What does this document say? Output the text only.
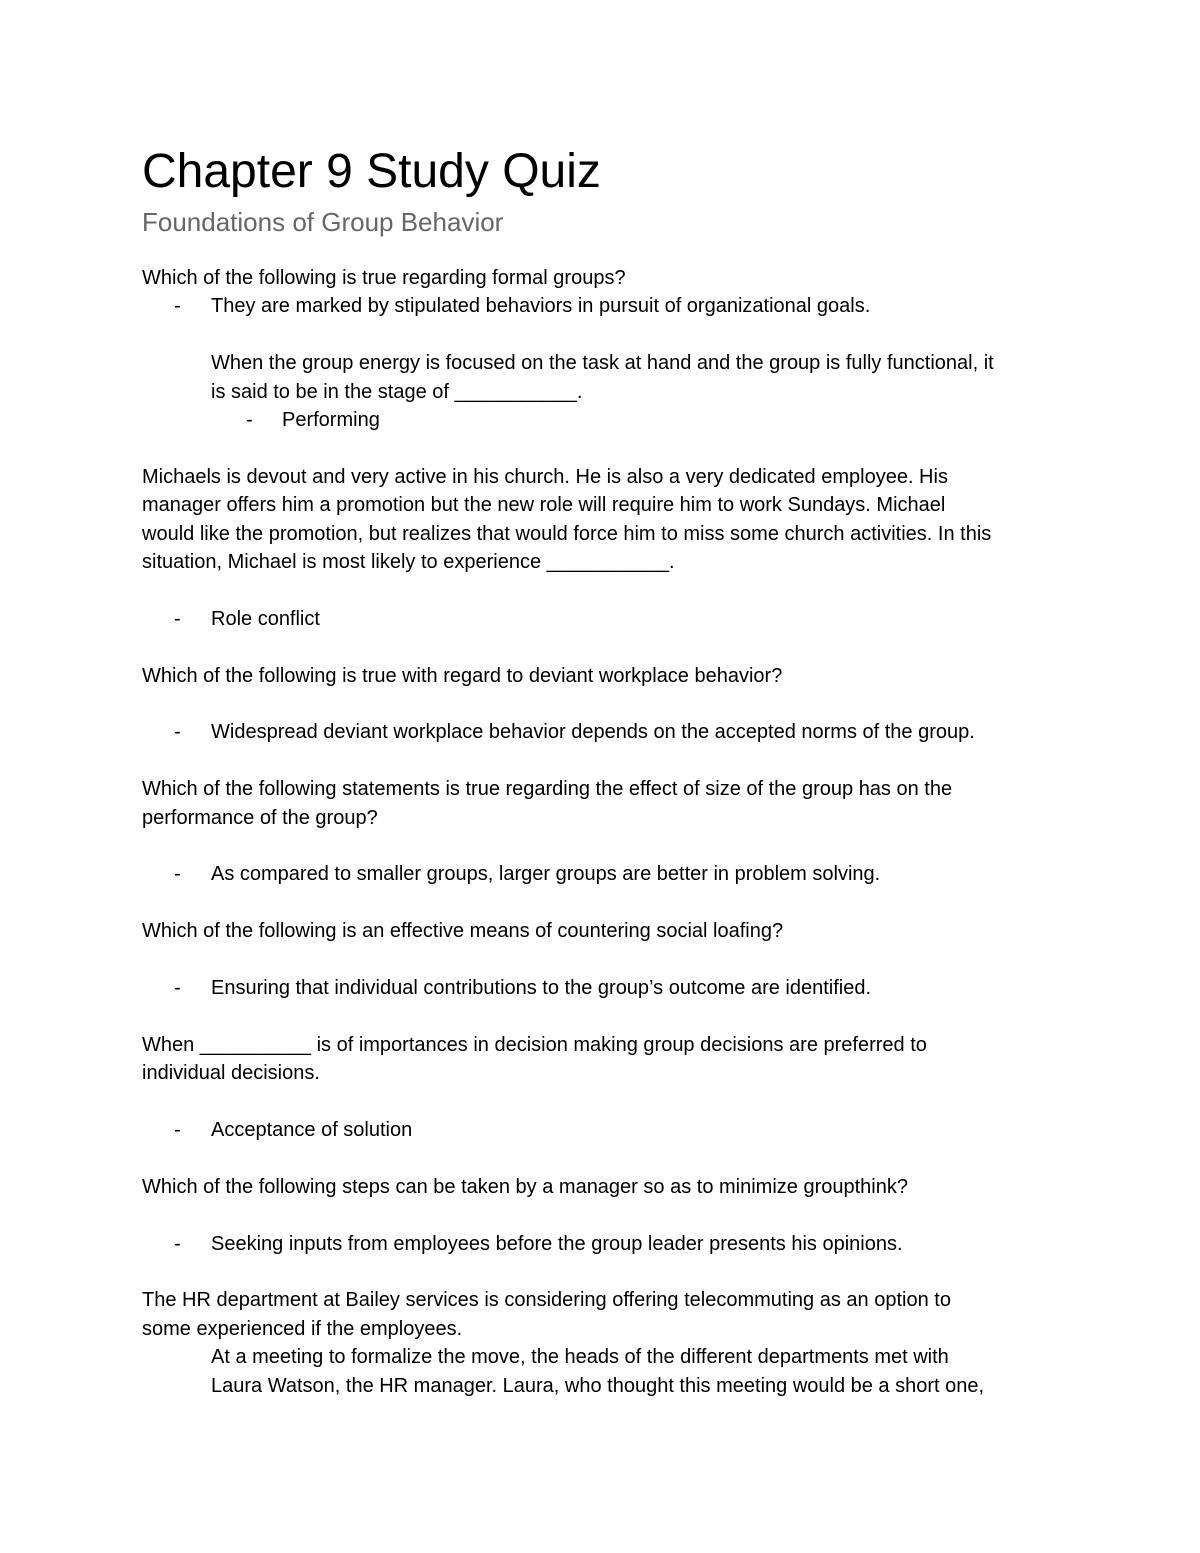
Chapter 9 Study Quiz
Foundations of Group Behavior

Which of the following is true regarding formal groups?

- They are marked by stipulated behaviors in pursuit of organizational goals.

When the group energy is focused on the task at hand and the group is fully functional, it

is said to be in the stage of ___________.

- Performing

Michaels is devout and very active in his church. He is also a very dedicated employee. His

manager offers him a promotion but the new role will require him to work Sundays. Michael

would like the promotion, but realizes that would force him to miss some church activities. In this

situation, Michael is most likely to experience ___________.

- Role conflict

Which of the following is true with regard to deviant workplace behavior?

- Widespread deviant workplace behavior depends on the accepted norms of the group.

Which of the following statements is true regarding the effect of size of the group has on the

performance of the group?

- As compared to smaller groups, larger groups are better in problem solving.

Which of the following is an effective means of countering social loafing?

- Ensuring that individual contributions to the group’s outcome are identified.

When __________ is of importances in decision making group decisions are preferred to

individual decisions.

- Acceptance of solution

Which of the following steps can be taken by a manager so as to minimize groupthink?

- Seeking inputs from employees before the group leader presents his opinions.

The HR department at Bailey services is considering offering telecommuting as an option to

some experienced if the employees.

At a meeting to formalize the move, the heads of the different departments met with

Laura Watson, the HR manager. Laura, who thought this meeting would be a short one,
